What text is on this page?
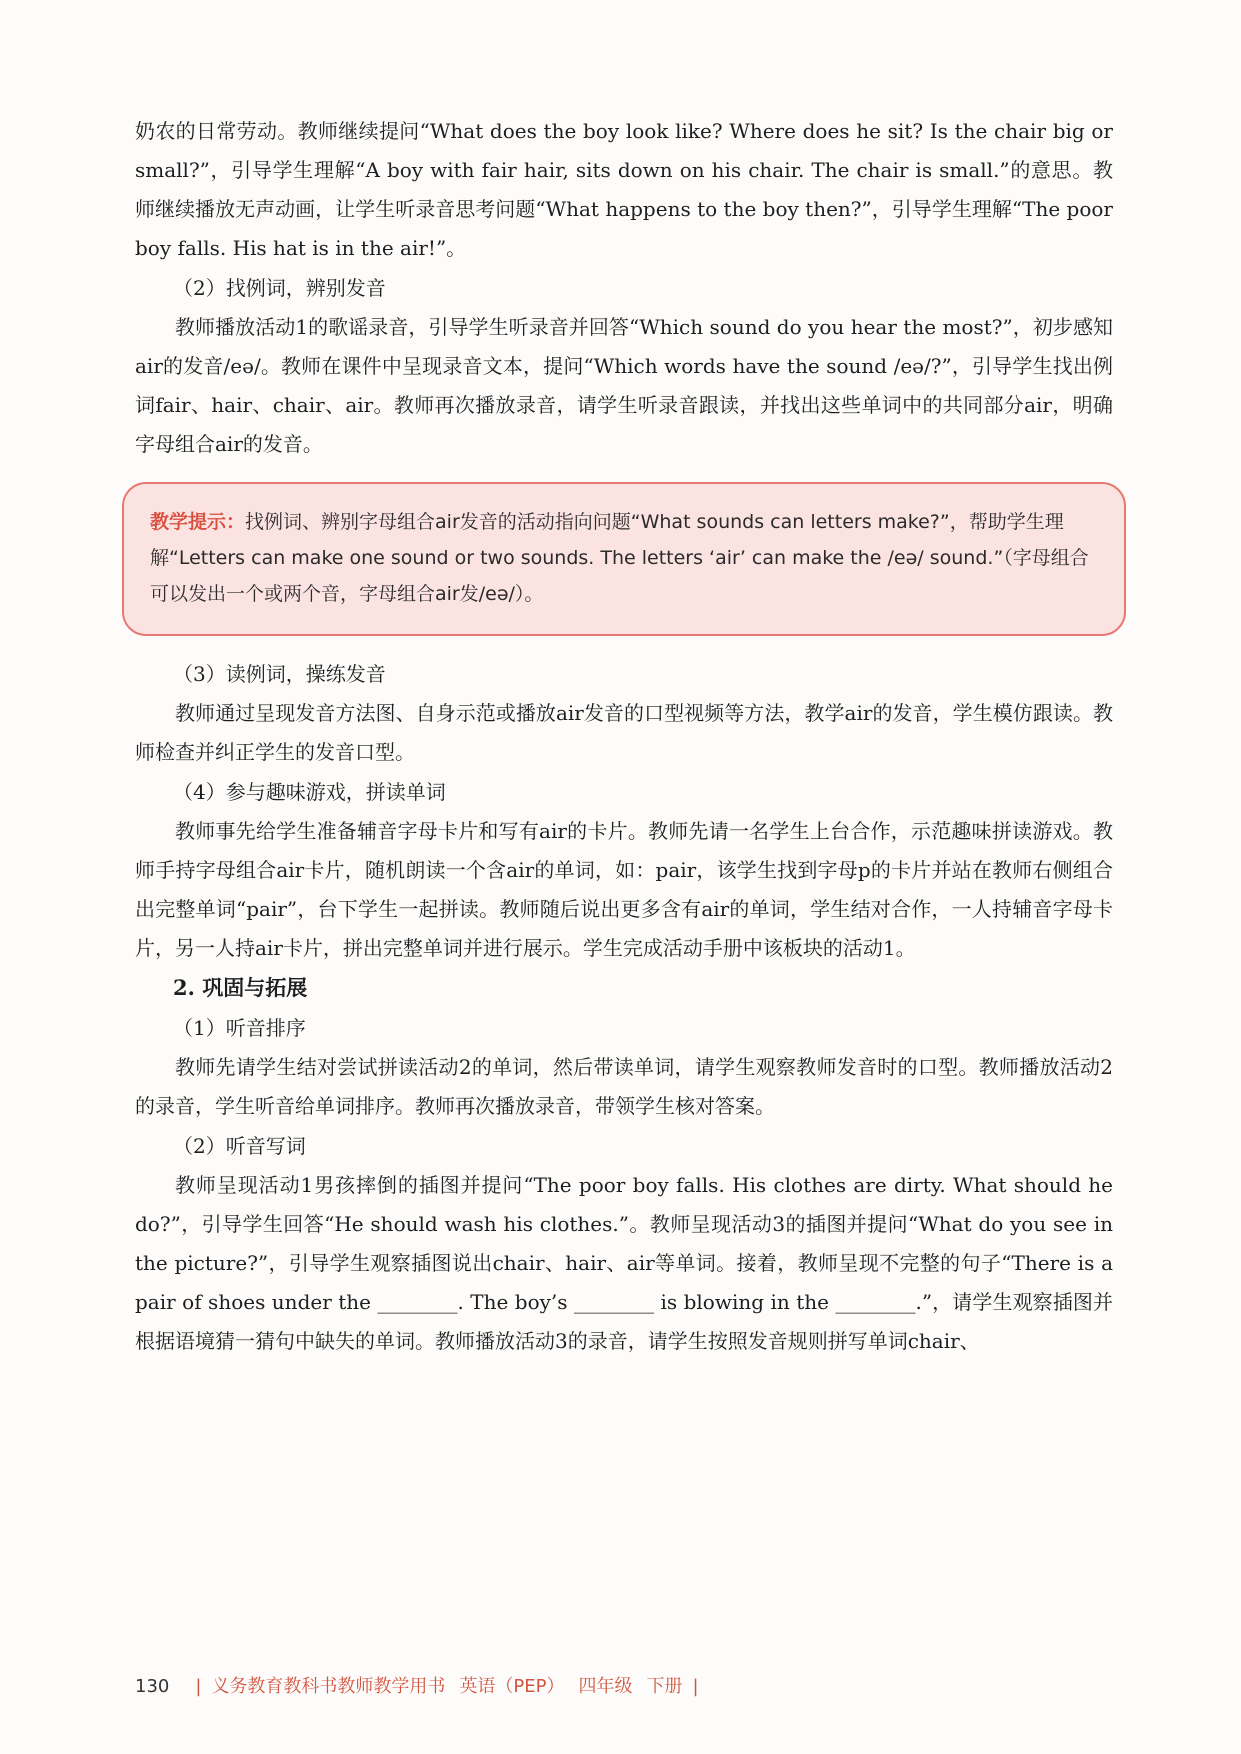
奶农的日常劳动。教师继续提问“What does the boy look like? Where does he sit? Is the chair big or small?”，引导学生理解“A boy with fair hair, sits down on his chair. The chair is small.”的意思。教师继续播放无声动画，让学生听录音思考问题“What happens to the boy then?”，引导学生理解“The poor boy falls. His hat is in the air!”。

（2）找例词，辨别发音

教师播放活动1的歌谣录音，引导学生听录音并回答“Which sound do you hear the most?”，初步感知air的发音/eə/。教师在课件中呈现录音文本，提问“Which words have the sound /eə/?”，引导学生找出例词fair、hair、chair、air。教师再次播放录音，请学生听录音跟读，并找出这些单词中的共同部分air，明确字母组合air的发音。

教学提示：找例词、辨别字母组合air发音的活动指向问题“What sounds can letters make?”，帮助学生理解“Letters can make one sound or two sounds. The letters ‘air’ can make the /eə/ sound.”（字母组合可以发出一个或两个音，字母组合air发/eə/）。
（3）读例词，操练发音

教师通过呈现发音方法图、自身示范或播放air发音的口型视频等方法，教学air的发音，学生模仿跟读。教师检查并纠正学生的发音口型。

（4）参与趣味游戏，拼读单词

教师事先给学生准备辅音字母卡片和写有air的卡片。教师先请一名学生上台合作，示范趣味拼读游戏。教师手持字母组合air卡片，随机朗读一个含air的单词，如：pair，该学生找到字母p的卡片并站在教师右侧组合出完整单词“pair”，台下学生一起拼读。教师随后说出更多含有air的单词，学生结对合作，一人持辅音字母卡片，另一人持air卡片，拼出完整单词并进行展示。学生完成活动手册中该板块的活动1。

2. 巩固与拓展
（1）听音排序

教师先请学生结对尝试拼读活动2的单词，然后带读单词，请学生观察教师发音时的口型。教师播放活动2的录音，学生听音给单词排序。教师再次播放录音，带领学生核对答案。

（2）听音写词

教师呈现活动1男孩摔倒的插图并提问“The poor boy falls. His clothes are dirty. What should he do?”，引导学生回答“He should wash his clothes.”。教师呈现活动3的插图并提问“What do you see in the picture?”，引导学生观察插图说出chair、hair、air等单词。接着，教师呈现不完整的句子“There is a pair of shoes under the ________. The boy’s ________ is blowing in the ________.”，请学生观察插图并根据语境猜一猜句中缺失的单词。教师播放活动3的录音，请学生按照发音规则拼写单词chair、

130 | 义务教育教科书教师教学用书 英语（PEP） 四年级 下册 |
